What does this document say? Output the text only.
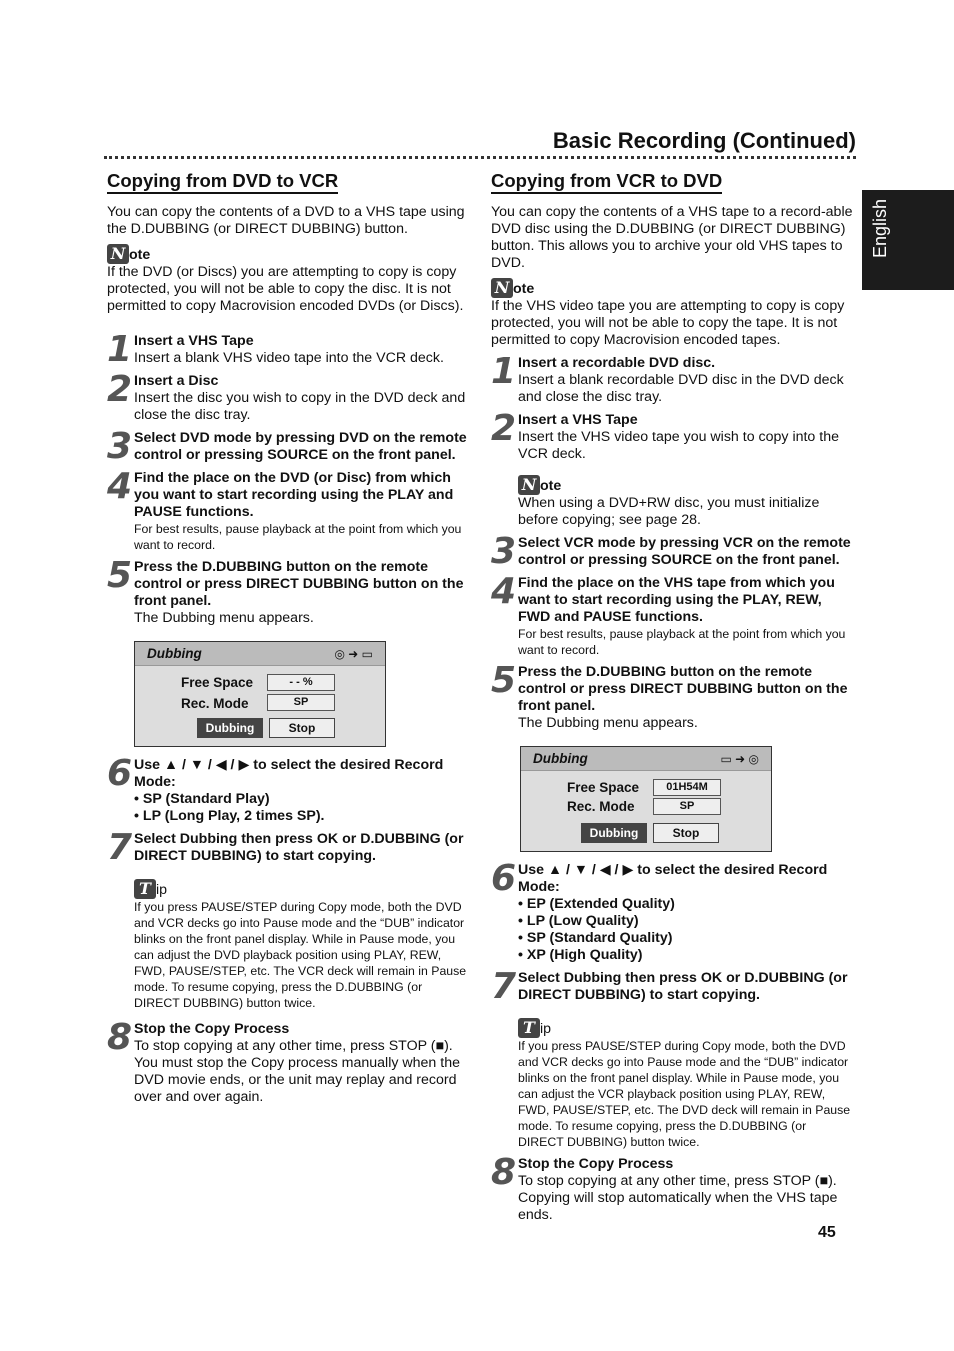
Basic Recording (Continued)
English
Copying from DVD to VCR

You can copy the contents of a DVD to a VHS tape using the D.DUBBING (or DIRECT DUBBING) button.

N ote

If the DVD (or Discs) you are attempting to copy is copy protected, you will not be able to copy the disc. It is not permitted to copy Macrovision encoded DVDs (or Discs).

1 Insert a VHS Tape

Insert a blank VHS video tape into the VCR deck.

2 Insert a Disc

Insert the disc you wish to copy in the DVD deck and close the disc tray.

3 Select DVD mode by pressing DVD on the remote control or pressing SOURCE on the front panel.
4 Find the place on the DVD (or Disc) from which you want to start recording using the PLAY and PAUSE functions.

For best results, pause playback at the point from which you want to record.

5 Press the D.DUBBING button on the remote control or press DIRECT DUBBING button on the front panel.

The Dubbing menu appears.

Dubbing	◎ ➜ ▭
Free Space	- - %
Rec. Mode	SP
Dubbing	Stop
6 Use ▲ / ▼ / ◀ / ▶ to select the desired Record Mode:

• SP (Standard Play)

• LP (Long Play, 2 times SP).

7 Select Dubbing then press OK or D.DUBBING (or DIRECT DUBBING) to start copying.
T ip

If you press PAUSE/STEP during Copy mode, both the DVD and VCR decks go into Pause mode and the “DUB” indicator blinks on the front panel display. While in Pause mode, you can adjust the DVD playback position using PLAY, REW, FWD, PAUSE/STEP, etc. The VCR deck will remain in Pause mode. To resume copying, press the D.DUBBING (or DIRECT DUBBING) button twice.

8 Stop the Copy Process

To stop copying at any other time, press STOP (■). You must stop the Copy process manually when the DVD movie ends, or the unit may replay and record over and over again.

Copying from VCR to DVD

You can copy the contents of a VHS tape to a record-able DVD disc using the D.DUBBING (or DIRECT DUBBING) button. This allows you to archive your old VHS tapes to DVD.

N ote

If the VHS video tape you are attempting to copy is copy protected, you will not be able to copy the tape. It is not permitted to copy Macrovision encoded tapes.

1 Insert a recordable DVD disc.

Insert a blank recordable DVD disc in the DVD deck and close the disc tray.

2 Insert a VHS Tape

Insert the VHS video tape you wish to copy into the VCR deck.

N ote

When using a DVD+RW disc, you must initialize before copying; see page 28.

3 Select VCR mode by pressing VCR on the remote control or pressing SOURCE on the front panel.
4 Find the place on the VHS tape from which you want to start recording using the PLAY, REW, FWD and PAUSE functions.

For best results, pause playback at the point from which you want to record.

5 Press the D.DUBBING button on the remote control or press DIRECT DUBBING button on the front panel.

The Dubbing menu appears.

Dubbing	▭ ➜ ◎
Free Space	01H54M
Rec. Mode	SP
Dubbing	Stop
6 Use ▲ / ▼ / ◀ / ▶ to select the desired Record Mode:

• EP (Extended Quality)

• LP (Low Quality)

• SP (Standard Quality)

• XP (High Quality)

7 Select Dubbing then press OK or D.DUBBING (or DIRECT DUBBING) to start copying.
T ip

If you press PAUSE/STEP during Copy mode, both the DVD and VCR decks go into Pause mode and the “DUB” indicator blinks on the front panel display. While in Pause mode, you can adjust the VCR playback position using PLAY, REW, FWD, PAUSE/STEP, etc. The DVD deck will remain in Pause mode. To resume copying, press the D.DUBBING (or DIRECT DUBBING) button twice.

8 Stop the Copy Process

To stop copying at any other time, press STOP (■). Copying will stop automatically when the VHS tape ends.

45
